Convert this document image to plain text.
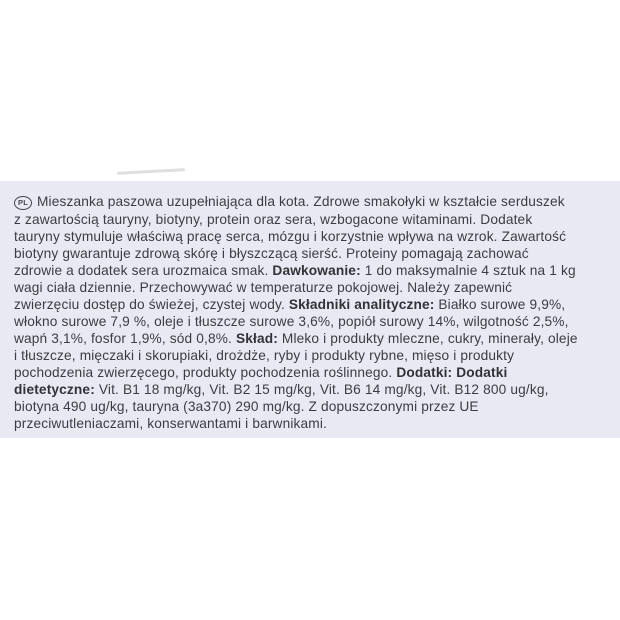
PL Mieszanka paszowa uzupełniająca dla kota. Zdrowe smakołyki w kształcie serduszek
z zawartością tauryny, biotyny, protein oraz sera, wzbogacone witaminami. Dodatek
tauryny stymuluje właściwą pracę serca, mózgu i korzystnie wpływa na wzrok. Zawartość
biotyny gwarantuje zdrową skórę i błyszczącą sierść. Proteiny pomagają zachować
zdrowie a dodatek sera urozmaica smak. Dawkowanie: 1 do maksymalnie 4 sztuk na 1 kg
wagi ciała dziennie. Przechowywać w temperaturze pokojowej. Należy zapewnić
zwierzęciu dostęp do świeżej, czystej wody. Składniki analityczne: Białko surowe 9,9%,
włokno surowe 7,9 %, oleje i tłuszcze surowe 3,6%, popiół surowy 14%, wilgotność 2,5%,
wapń 3,1%, fosfor 1,9%, sód 0,8%. Skład: Mleko i produkty mleczne, cukry, minerały, oleje
i tłuszcze, mięczaki i skorupiaki, drożdże, ryby i produkty rybne, mięso i produkty
pochodzenia zwierzęcego, produkty pochodzenia roślinnego. Dodatki: Dodatki
dietetyczne: Vit. B1 18 mg/kg, Vit. B2 15 mg/kg, Vit. B6 14 mg/kg, Vit. B12 800 ug/kg,
biotyna 490 ug/kg, tauryna (3a370) 290 mg/kg. Z dopuszczonymi przez UE
przeciwutleniaczami, konserwantami i barwnikami.
